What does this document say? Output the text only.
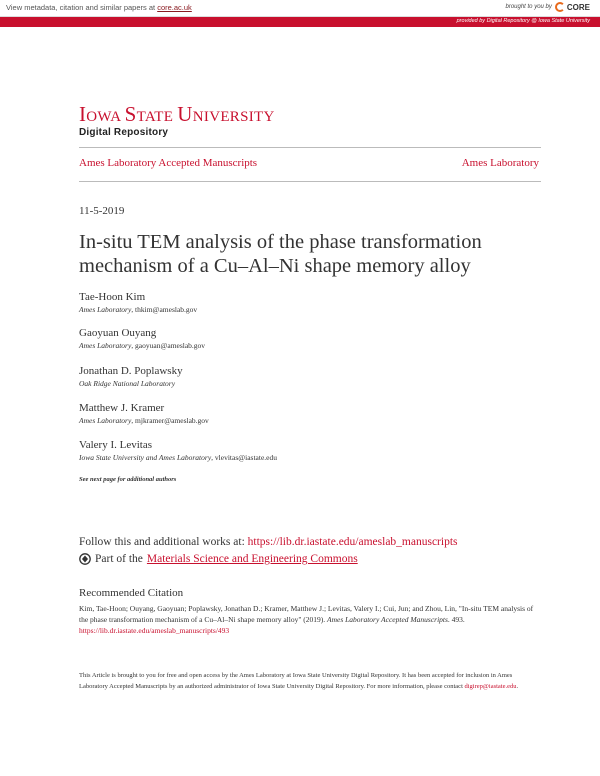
View metadata, citation and similar papers at core.ac.uk	brought to you by CORE
provided by Digital Repository @ Iowa State University
IOWA STATE UNIVERSITY
Digital Repository
Ames Laboratory Accepted Manuscripts	Ames Laboratory
11-5-2019
In-situ TEM analysis of the phase transformation mechanism of a Cu–Al–Ni shape memory alloy
Tae-Hoon Kim
Ames Laboratory, thkim@ameslab.gov
Gaoyuan Ouyang
Ames Laboratory, gaoyuan@ameslab.gov
Jonathan D. Poplawsky
Oak Ridge National Laboratory
Matthew J. Kramer
Ames Laboratory, mjkramer@ameslab.gov
Valery I. Levitas
Iowa State University and Ames Laboratory, vlevitas@iastate.edu
See next page for additional authors
Follow this and additional works at: https://lib.dr.iastate.edu/ameslab_manuscripts
Part of the Materials Science and Engineering Commons
Recommended Citation
Kim, Tae-Hoon; Ouyang, Gaoyuan; Poplawsky, Jonathan D.; Kramer, Matthew J.; Levitas, Valery I.; Cui, Jun; and Zhou, Lin, "In-situ TEM analysis of the phase transformation mechanism of a Cu–Al–Ni shape memory alloy" (2019). Ames Laboratory Accepted Manuscripts. 493.
https://lib.dr.iastate.edu/ameslab_manuscripts/493
This Article is brought to you for free and open access by the Ames Laboratory at Iowa State University Digital Repository. It has been accepted for inclusion in Ames Laboratory Accepted Manuscripts by an authorized administrator of Iowa State University Digital Repository. For more information, please contact digirep@iastate.edu.
